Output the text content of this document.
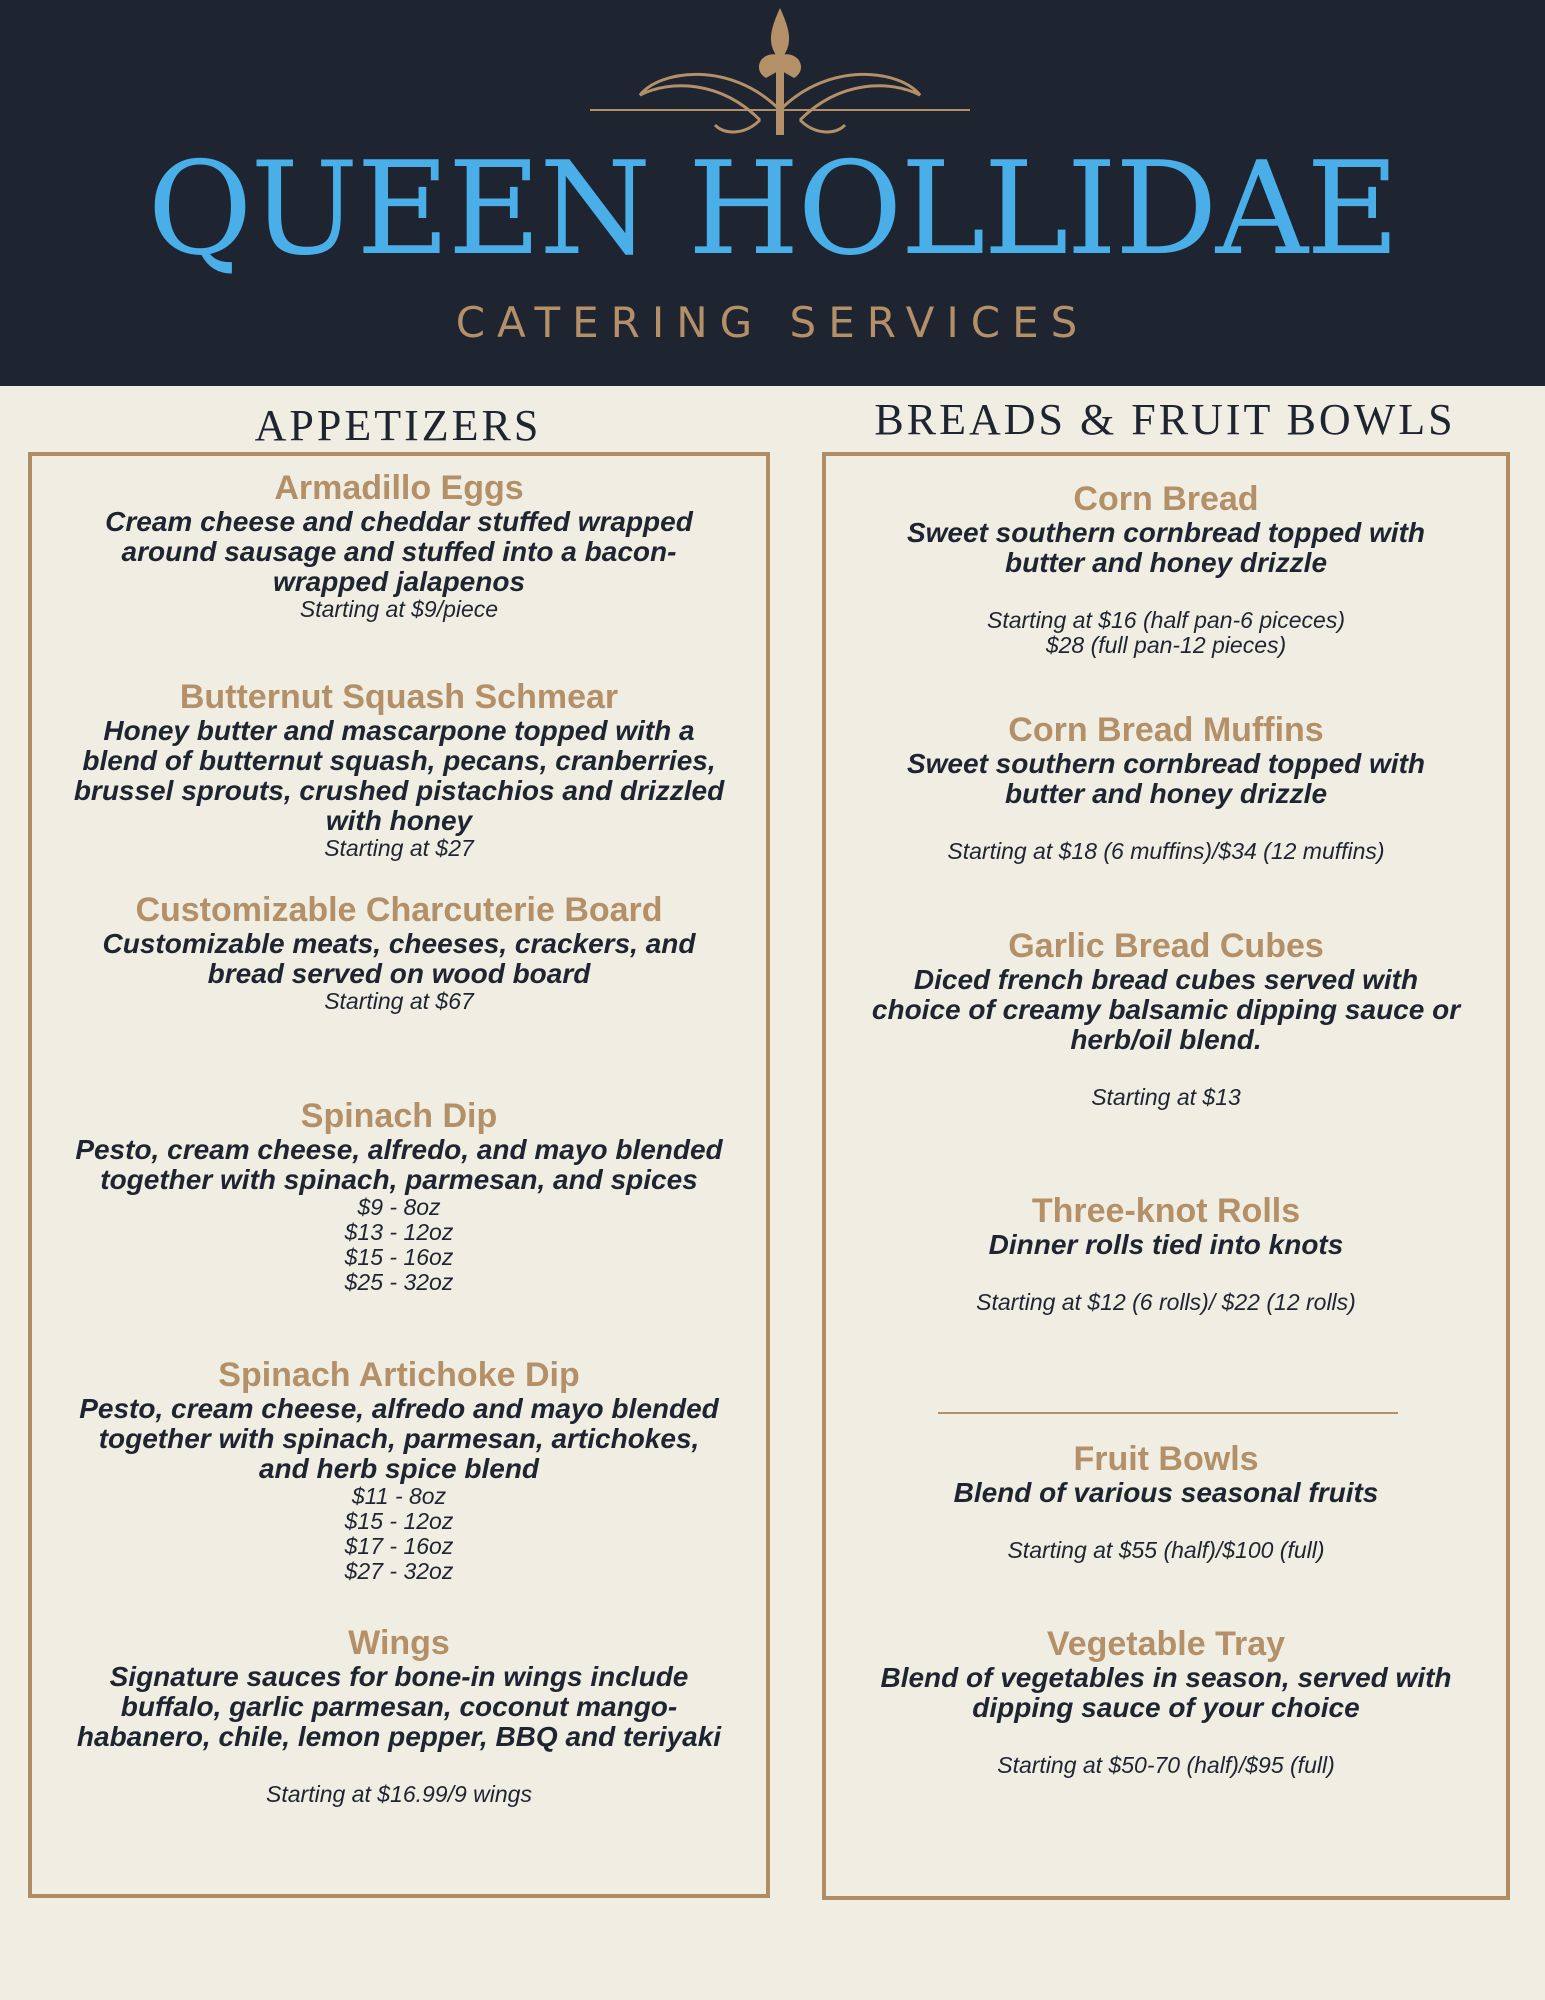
QUEEN HOLLIDAE
CATERING SERVICES
APPETIZERS
Armadillo Eggs
Cream cheese and cheddar stuffed wrapped around sausage and stuffed into a bacon-wrapped jalapenos
Starting at $9/piece
Butternut Squash Schmear
Honey butter and mascarpone topped with a blend of butternut squash, pecans, cranberries, brussel sprouts, crushed pistachios and drizzled with honey
Starting at $27
Customizable Charcuterie Board
Customizable meats, cheeses, crackers, and bread served on wood board
Starting at $67
Spinach Dip
Pesto, cream cheese, alfredo, and mayo blended together with spinach, parmesan, and spices
$9 - 8oz
$13 - 12oz
$15 - 16oz
$25 - 32oz
Spinach Artichoke Dip
Pesto, cream cheese, alfredo and mayo blended together with spinach, parmesan, artichokes, and herb spice blend
$11 - 8oz
$15 - 12oz
$17 - 16oz
$27 - 32oz
Wings
Signature sauces for bone-in wings include buffalo, garlic parmesan, coconut mango-habanero, chile, lemon pepper, BBQ and teriyaki
Starting at $16.99/9 wings
BREADS & FRUIT BOWLS
Corn Bread
Sweet southern cornbread topped with butter and honey drizzle
Starting at $16 (half pan-6 piceces)
$28 (full pan-12 pieces)
Corn Bread Muffins
Sweet southern cornbread topped with butter and honey drizzle
Starting at $18 (6 muffins)/$34 (12 muffins)
Garlic Bread Cubes
Diced french bread cubes served with choice of creamy balsamic dipping sauce or herb/oil blend.
Starting at $13
Three-knot Rolls
Dinner rolls tied into knots
Starting at $12 (6 rolls)/ $22 (12 rolls)
Fruit Bowls
Blend of various seasonal fruits
Starting at $55 (half)/$100 (full)
Vegetable Tray
Blend of vegetables in season, served with dipping sauce of your choice
Starting at $50-70 (half)/$95 (full)
